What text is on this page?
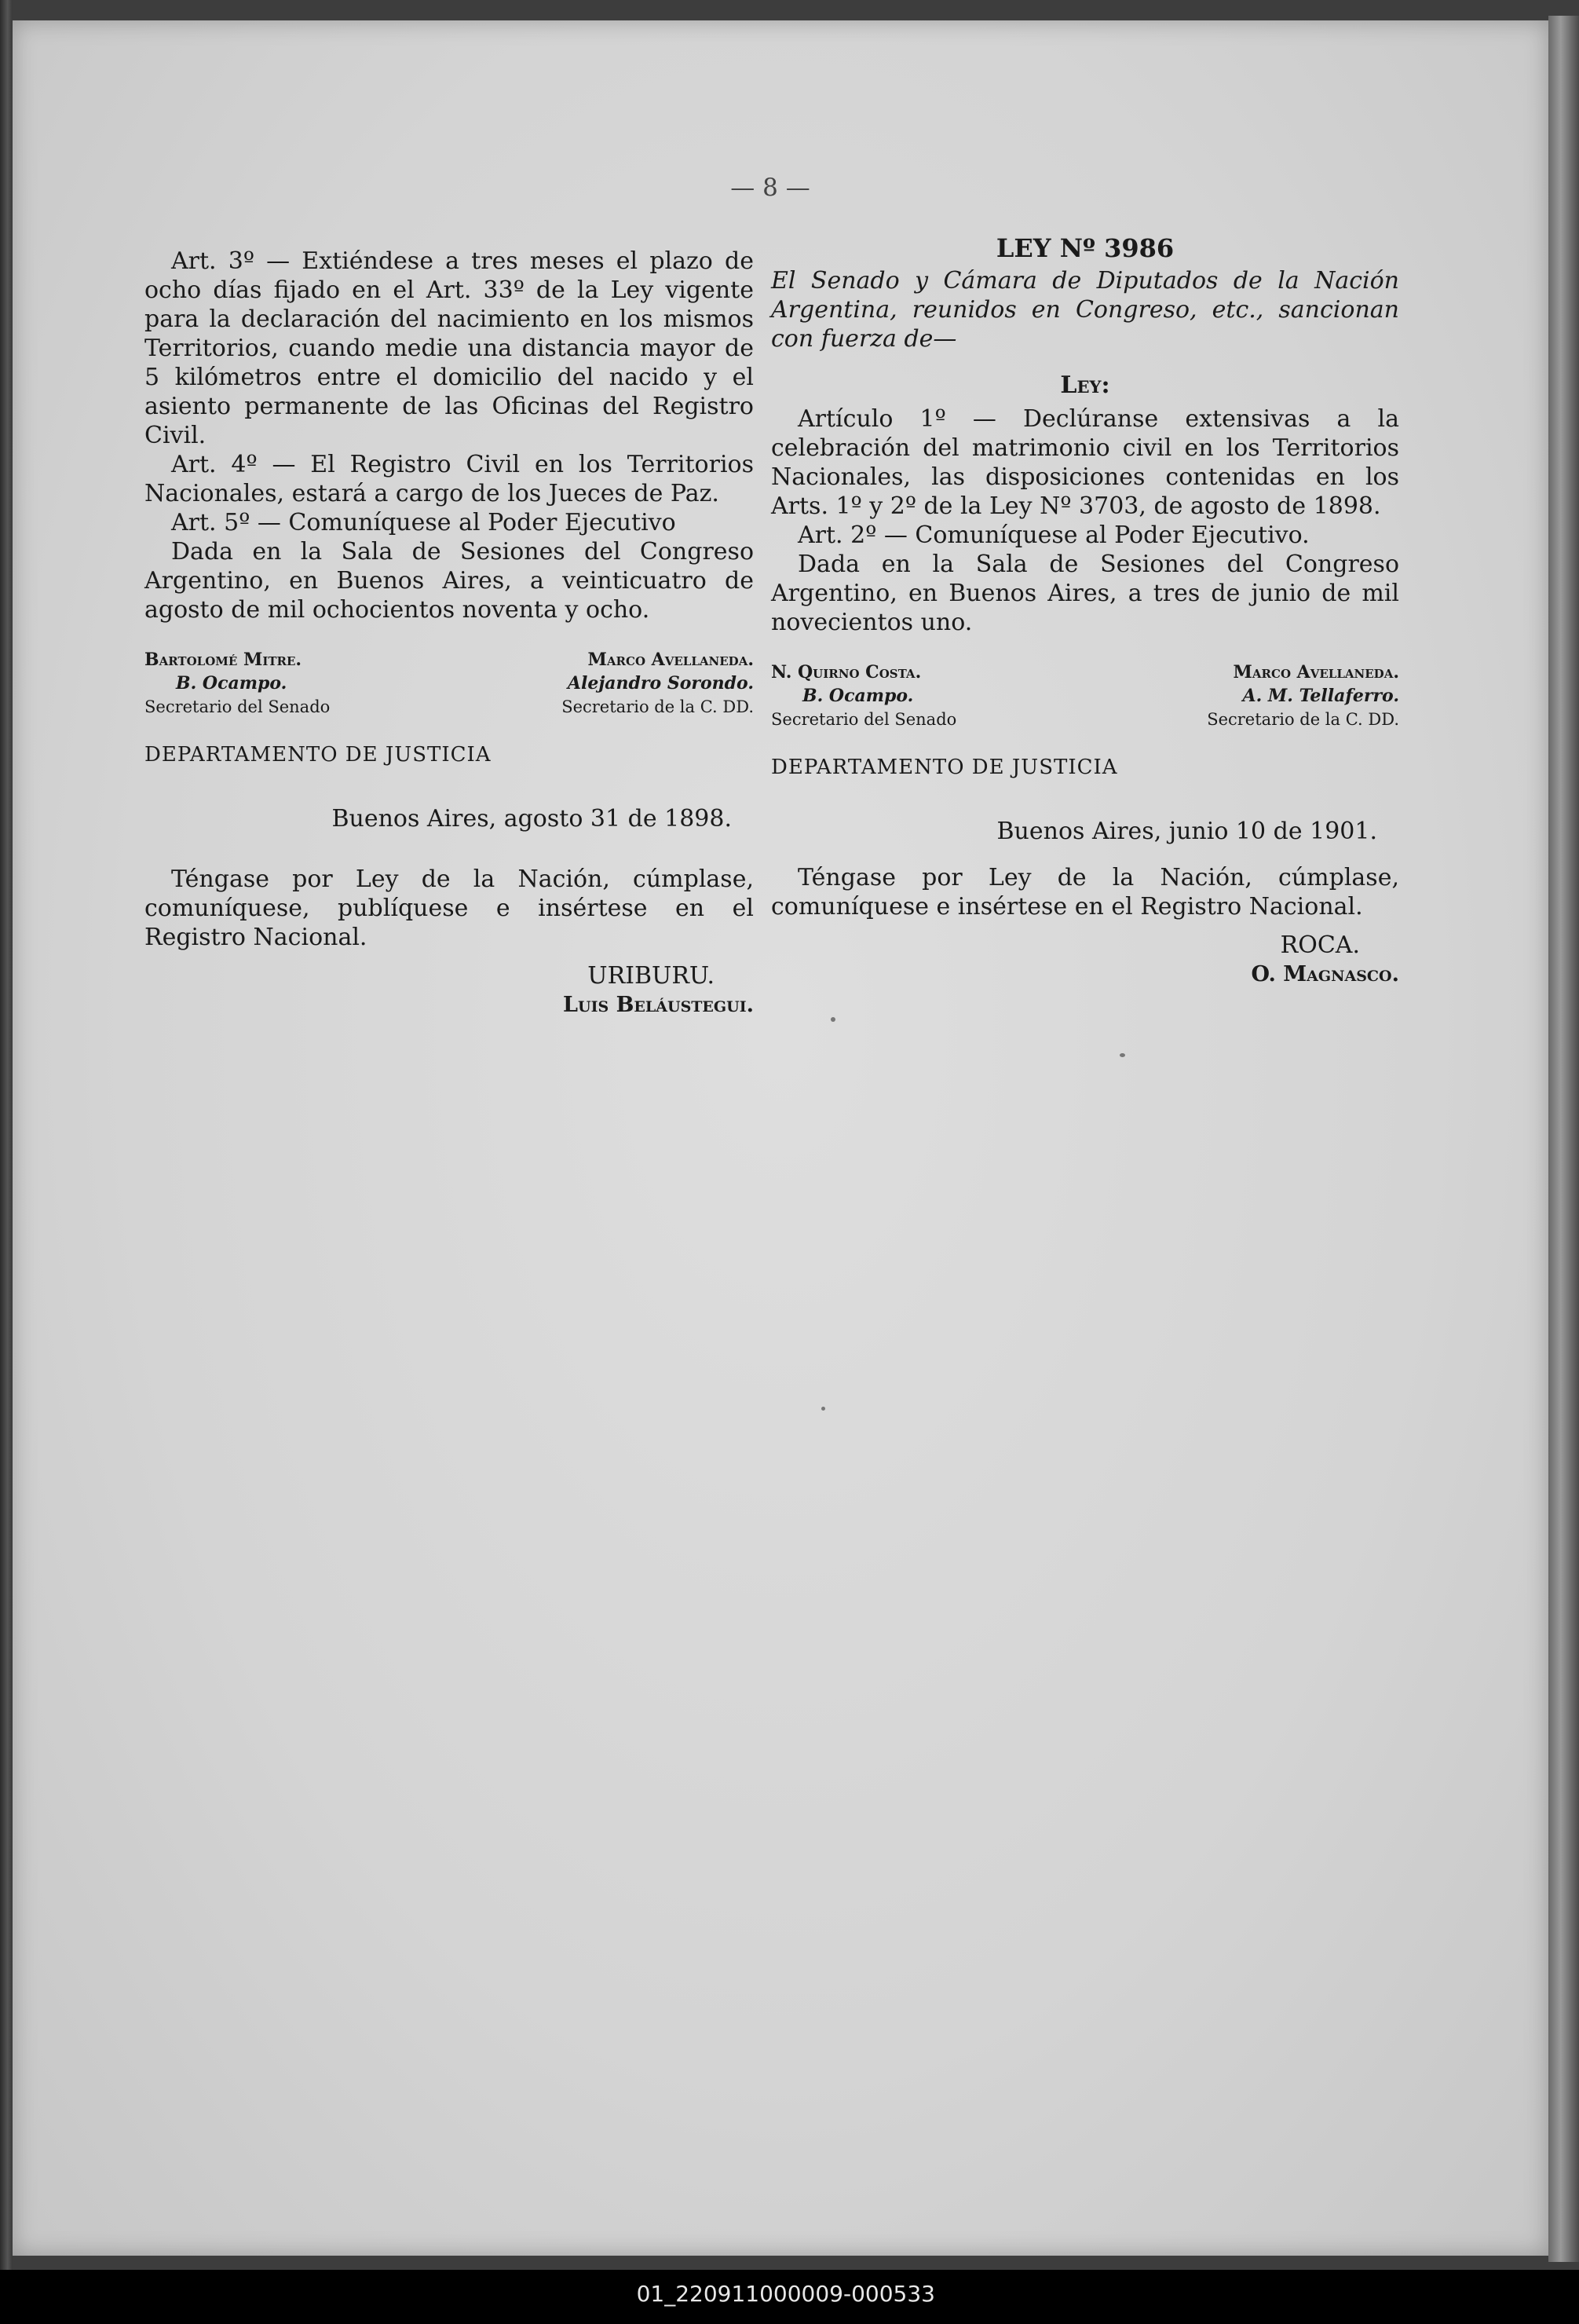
— 8 —

Art. 3º — Extiéndese a tres meses el plazo de ocho días fijado en el Art. 33º de la Ley vigente para la declaración del nacimiento en los mismos Territorios, cuando medie una distancia mayor de 5 kilómetros entre el domicilio del nacido y el asiento permanente de las Oficinas del Registro Civil.

Art. 4º — El Registro Civil en los Territorios Nacionales, estará a cargo de los Jueces de Paz.

Art. 5º — Comuníquese al Poder Ejecutivo

Dada en la Sala de Sesiones del Congreso Argentino, en Buenos Aires, a veinticuatro de agosto de mil ochocientos noventa y ocho.

Bartolomé Mitre.
B. Ocampo.
Secretario del Senado
Marco Avellaneda.
Alejandro Sorondo.
Secretario de la C. DD.
DEPARTAMENTO DE JUSTICIA
Buenos Aires, agosto 31 de 1898.

Téngase por Ley de la Nación, cúmplase, comuníquese, publíquese e insértese en el Registro Nacional.

URIBURU.
Luis Beláustegui.
LEY Nº 3986

El Senado y Cámara de Diputados de la Nación Argentina, reunidos en Congreso, etc., sancionan con fuerza de—

Ley:

Artículo 1º — Declúranse extensivas a la celebración del matrimonio civil en los Territorios Nacionales, las disposiciones contenidas en los Arts. 1º y 2º de la Ley Nº 3703, de agosto de 1898.

Art. 2º — Comuníquese al Poder Ejecutivo.

Dada en la Sala de Sesiones del Congreso Argentino, en Buenos Aires, a tres de junio de mil novecientos uno.

N. Quirno Costa.
B. Ocampo.
Secretario del Senado
Marco Avellaneda.
A. M. Tellaferro.
Secretario de la C. DD.
DEPARTAMENTO DE JUSTICIA
Buenos Aires, junio 10 de 1901.

Téngase por Ley de la Nación, cúmplase, comuníquese e insértese en el Registro Nacional.

ROCA.
O. Magnasco.
01_220911000009-000533
